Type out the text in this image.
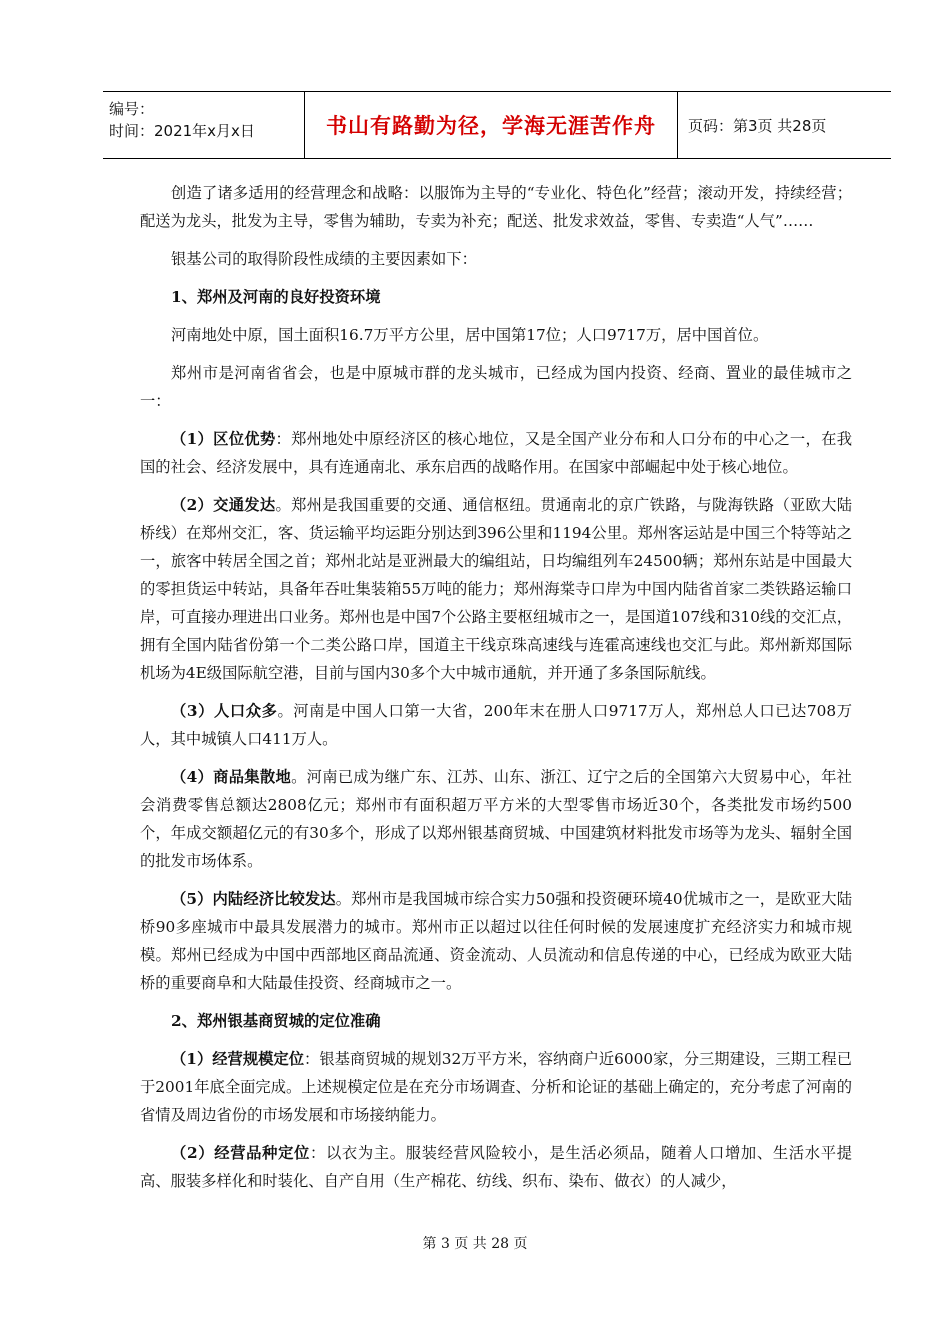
编号：
时间：2021年x月x日	书山有路勤为径，学海无涯苦作舟	页码：第3页 共28页

创造了诸多适用的经营理念和战略：以服饰为主导的“专业化、特色化”经营；滚动开发，持续经营；配送为龙头，批发为主导，零售为辅助，专卖为补充；配送、批发求效益，零售、专卖造“人气”……

银基公司的取得阶段性成绩的主要因素如下：

1、郑州及河南的良好投资环境

河南地处中原，国土面积16.7万平方公里，居中国第17位；人口9717万，居中国首位。

郑州市是河南省省会，也是中原城市群的龙头城市，已经成为国内投资、经商、置业的最佳城市之一：

（1）区位优势：郑州地处中原经济区的核心地位，又是全国产业分布和人口分布的中心之一，在我国的社会、经济发展中，具有连通南北、承东启西的战略作用。在国家中部崛起中处于核心地位。

（2）交通发达。郑州是我国重要的交通、通信枢纽。贯通南北的京广铁路，与陇海铁路（亚欧大陆桥线）在郑州交汇，客、货运输平均运距分别达到396公里和1194公里。郑州客运站是中国三个特等站之一，旅客中转居全国之首；郑州北站是亚洲最大的编组站，日均编组列车24500辆；郑州东站是中国最大的零担货运中转站，具备年吞吐集装箱55万吨的能力；郑州海棠寺口岸为中国内陆省首家二类铁路运输口岸，可直接办理进出口业务。郑州也是中国7个公路主要枢纽城市之一，是国道107线和310线的交汇点，拥有全国内陆省份第一个二类公路口岸，国道主干线京珠高速线与连霍高速线也交汇与此。郑州新郑国际机场为4E级国际航空港，目前与国内30多个大中城市通航，并开通了多条国际航线。

（3）人口众多。河南是中国人口第一大省，200年末在册人口9717万人，郑州总人口已达708万人，其中城镇人口411万人。

（4）商品集散地。河南已成为继广东、江苏、山东、浙江、辽宁之后的全国第六大贸易中心，年社会消费零售总额达2808亿元；郑州市有面积超万平方米的大型零售市场近30个，各类批发市场约500个，年成交额超亿元的有30多个，形成了以郑州银基商贸城、中国建筑材料批发市场等为龙头、辐射全国的批发市场体系。

（5）内陆经济比较发达。郑州市是我国城市综合实力50强和投资硬环境40优城市之一，是欧亚大陆桥90多座城市中最具发展潜力的城市。郑州市正以超过以往任何时候的发展速度扩充经济实力和城市规模。郑州已经成为中国中西部地区商品流通、资金流动、人员流动和信息传递的中心，已经成为欧亚大陆桥的重要商阜和大陆最佳投资、经商城市之一。

2、郑州银基商贸城的定位准确

（1）经营规模定位：银基商贸城的规划32万平方米，容纳商户近6000家，分三期建设，三期工程已于2001年底全面完成。上述规模定位是在充分市场调查、分析和论证的基础上确定的，充分考虑了河南的省情及周边省份的市场发展和市场接纳能力。

（2）经营品种定位：以衣为主。服装经营风险较小，是生活必须品，随着人口增加、生活水平提高、服装多样化和时装化、自产自用（生产棉花、纺线、织布、染布、做衣）的人减少，

第 3 页 共 28 页
